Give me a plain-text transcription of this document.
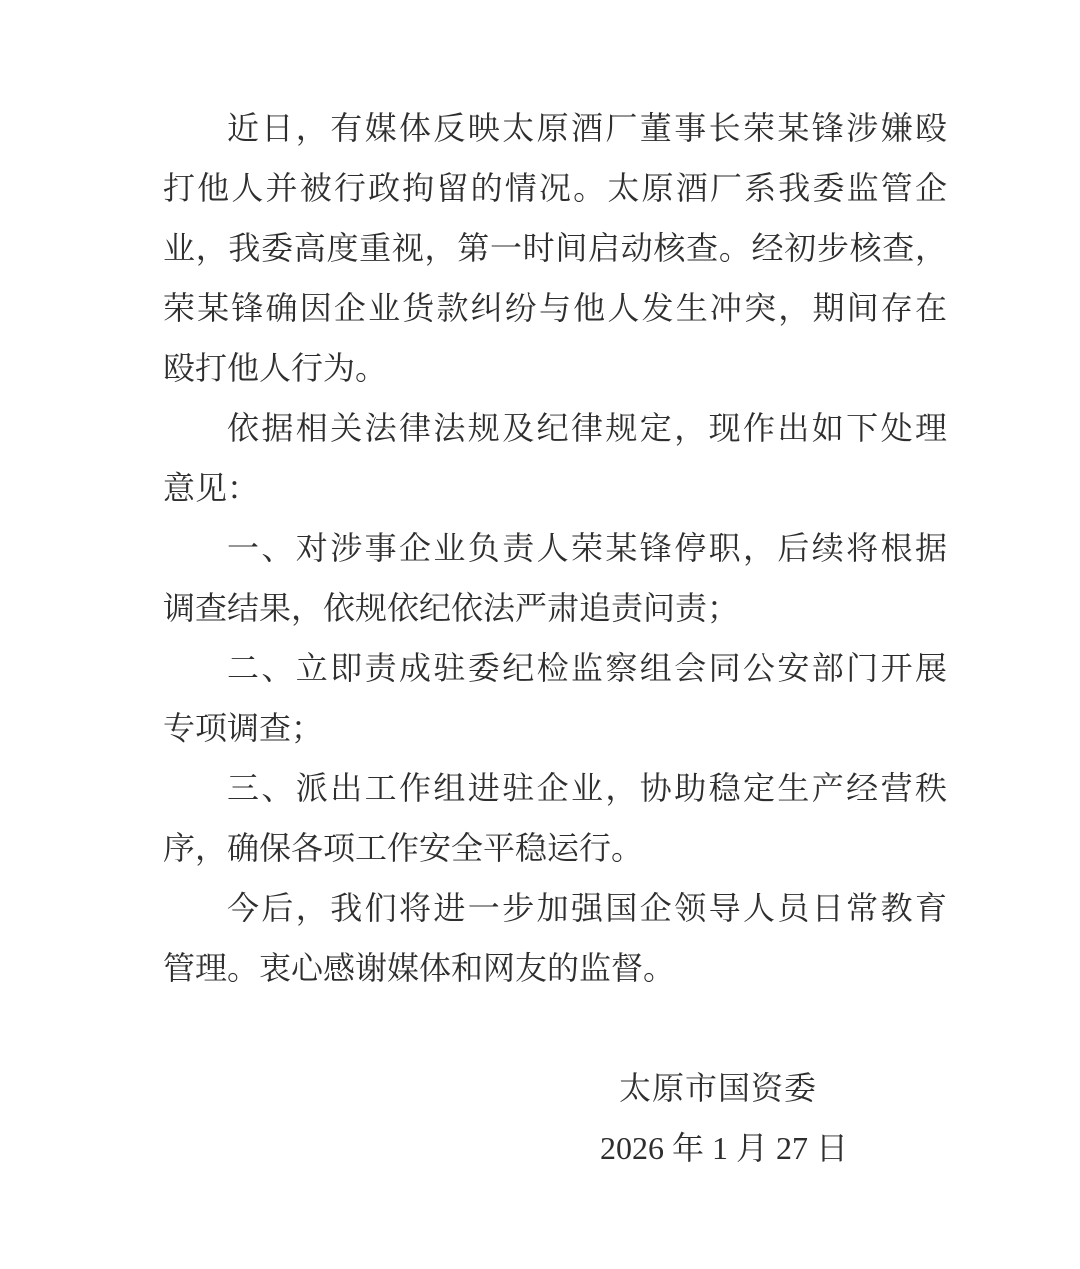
近日，有媒体反映太原酒厂董事长荣某锋涉嫌殴
打他人并被行政拘留的情况。太原酒厂系我委监管企
业，我委高度重视，第一时间启动核查。经初步核查，
荣某锋确因企业货款纠纷与他人发生冲突，期间存在
殴打他人行为。
依据相关法律法规及纪律规定，现作出如下处理
意见：
一、对涉事企业负责人荣某锋停职，后续将根据
调查结果，依规依纪依法严肃追责问责；
二、立即责成驻委纪检监察组会同公安部门开展
专项调查；
三、派出工作组进驻企业，协助稳定生产经营秩
序，确保各项工作安全平稳运行。
今后，我们将进一步加强国企领导人员日常教育
管理。衷心感谢媒体和网友的监督。
太原市国资委
2026 年 1 月 27 日
